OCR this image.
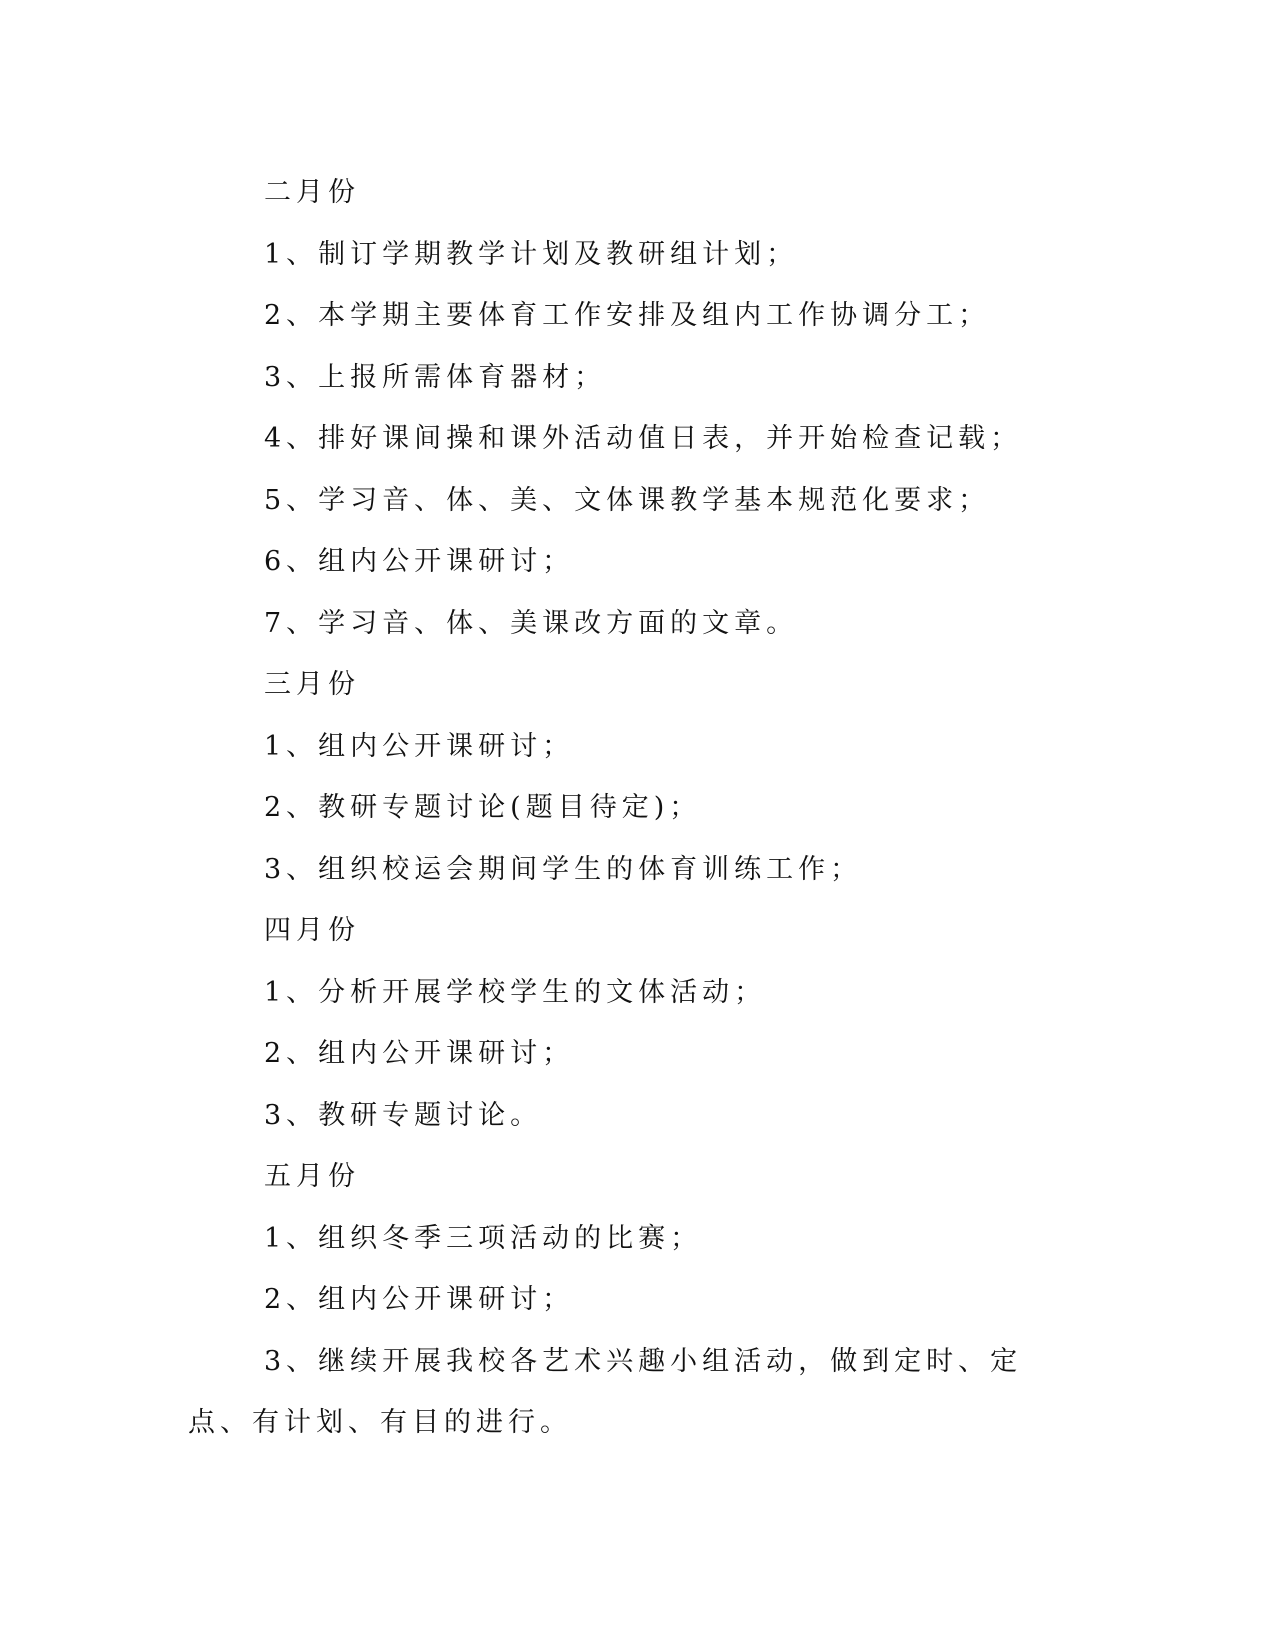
二月份

1、制订学期教学计划及教研组计划；

2、本学期主要体育工作安排及组内工作协调分工；

3、上报所需体育器材；

4、排好课间操和课外活动值日表，并开始检查记载；

5、学习音、体、美、文体课教学基本规范化要求；

6、组内公开课研讨；

7、学习音、体、美课改方面的文章。

三月份

1、组内公开课研讨；

2、教研专题讨论(题目待定)；

3、组织校运会期间学生的体育训练工作；

四月份

1、分析开展学校学生的文体活动；

2、组内公开课研讨；

3、教研专题讨论。

五月份

1、组织冬季三项活动的比赛；

2、组内公开课研讨；

3、继续开展我校各艺术兴趣小组活动，做到定时、定点、有计划、有目的进行。
